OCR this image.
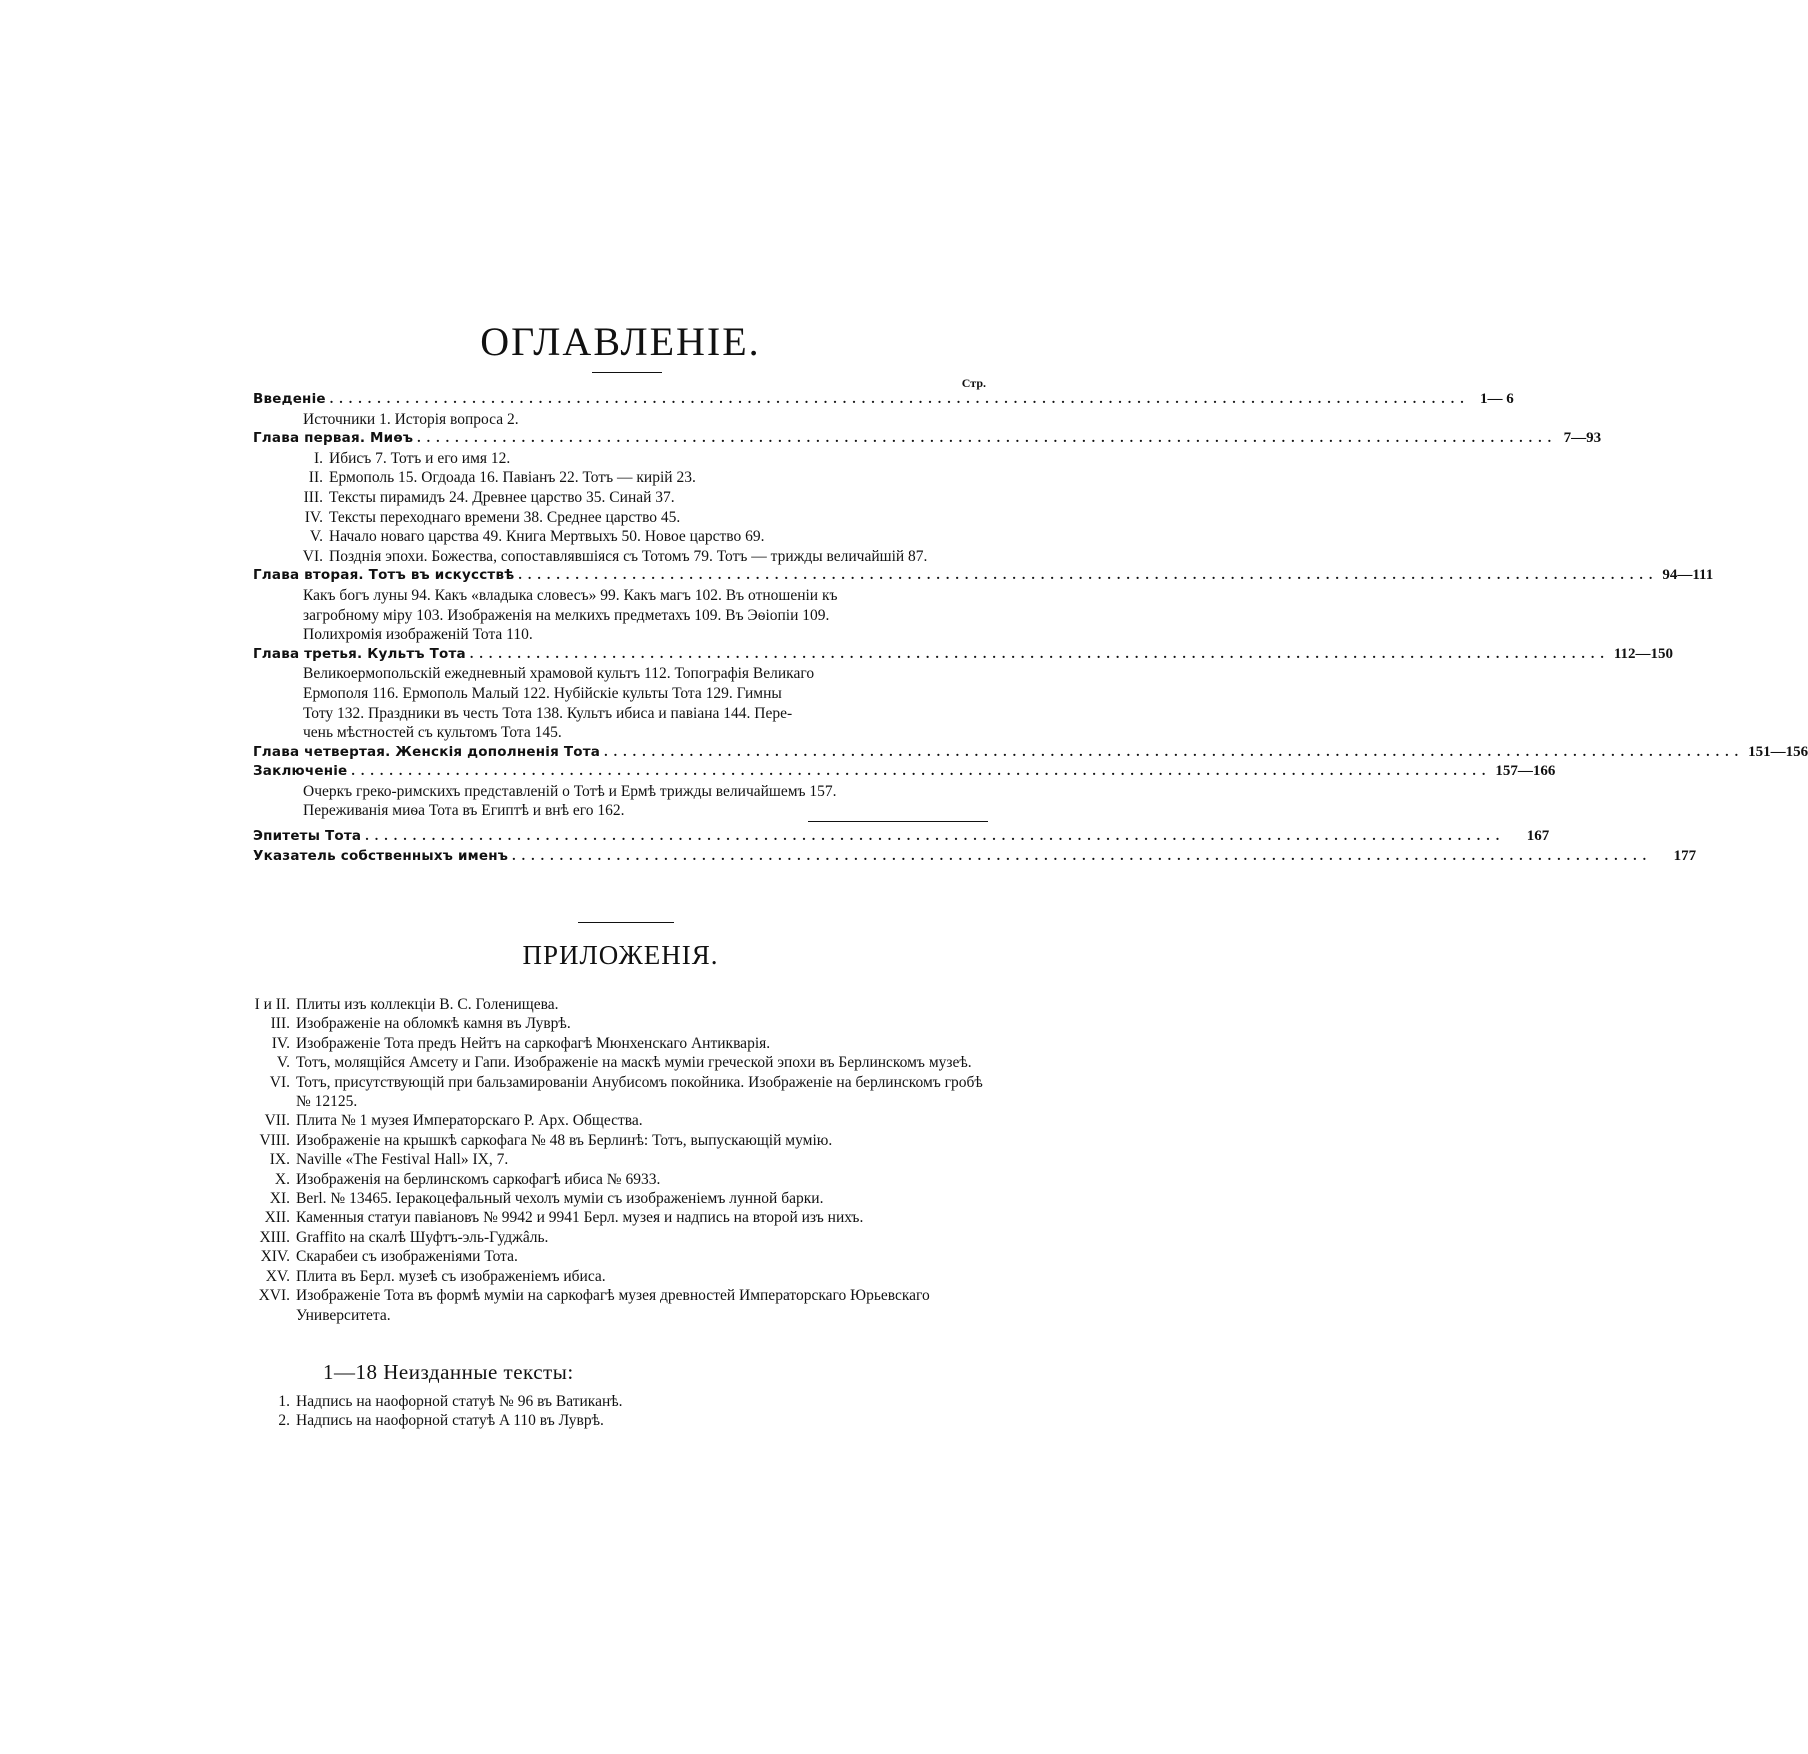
ОГЛАВЛЕНІЕ.
Стр.
Введеніе ........................................................................................................................ 1— 6
Источники 1. Исторія вопроса 2.
Глава первая. Миѳъ ........................................................................................................................ 7—93
I. Ибисъ 7. Тотъ и его имя 12.
II. Ермополь 15. Огдоада 16. Павіанъ 22. Тотъ — кирій 23.
III. Тексты пирамидъ 24. Древнее царство 35. Синай 37.
IV. Тексты переходнаго времени 38. Среднее царство 45.
V. Начало новаго царства 49. Книга Мертвыхъ 50. Новое царство 69.
VI. Позднія эпохи. Божества, сопоставлявшіяся съ Тотомъ 79. Тотъ — трижды величайшій 87.
Глава вторая. Тотъ въ искусствѣ ........................................................................................................................ 94—111
Какъ богъ луны 94. Какъ «владыка словесъ» 99. Какъ магъ 102. Въ отношеніи къ
загробному міру 103. Изображенія на мелкихъ предметахъ 109. Въ Эѳіопіи 109.
Полихромія изображеній Тота 110.
Глава третья. Культъ Тота ........................................................................................................................ 112—150
Великоермопольскій ежедневный храмовой культъ 112. Топографія Великаго
Ермополя 116. Ермополь Малый 122. Нубійскіе культы Тота 129. Гимны
Тоту 132. Праздники въ честь Тота 138. Культъ ибиса и павіана 144. Пере-
чень мѣстностей съ культомъ Тота 145.
Глава четвертая. Женскія дополненія Тота ........................................................................................................................ 151—156
Заключеніе ........................................................................................................................ 157—166
Очеркъ греко-римскихъ представленій о Тотѣ и Ермѣ трижды величайшемъ 157.
Переживанія миѳа Тота въ Египтѣ и внѣ его 162.
Эпитеты Тота ........................................................................................................................	167
Указатель собственныхъ именъ ........................................................................................................................	177
ПРИЛОЖЕНІЯ.
I и II. Плиты изъ коллекціи В. С. Голенищева.
III. Изображеніе на обломкѣ камня въ Луврѣ.
IV. Изображеніе Тота предъ Нейтъ на саркофагѣ Мюнхенскаго Антикварія.
V. Тотъ, молящійся Амсету и Гапи. Изображеніе на маскѣ муміи греческой эпохи въ Берлинскомъ музеѣ.
VI. Тотъ, присутствующій при бальзамированіи Анубисомъ покойника. Изображеніе на берлинскомъ гробѣ № 12125.
VII. Плита № 1 музея Императорскаго Р. Арх. Общества.
VIII. Изображеніе на крышкѣ саркофага № 48 въ Берлинѣ: Тотъ, выпускающій мумію.
IX. Naville «The Festival Hall» IX, 7.
X. Изображенія на берлинскомъ саркофагѣ ибиса № 6933.
XI. Berl. № 13465. Іеракоцефальный чехолъ муміи съ изображеніемъ лунной барки.
XII. Каменныя статуи павіановъ № 9942 и 9941 Берл. музея и надпись на второй изъ нихъ.
XIII. Graffito на скалѣ Шуфтъ-эль-Гуджâль.
XIV. Скарабеи съ изображеніями Тота.
XV. Плита въ Берл. музеѣ съ изображеніемъ ибиса.
XVI. Изображеніе Тота въ формѣ муміи на саркофагѣ музея древностей Императорскаго Юрьевскаго Университета.
1—18 Неизданные тексты:
1. Надпись на наофорной статуѣ № 96 въ Ватиканѣ.
2. Надпись на наофорной статуѣ A 110 въ Луврѣ.
